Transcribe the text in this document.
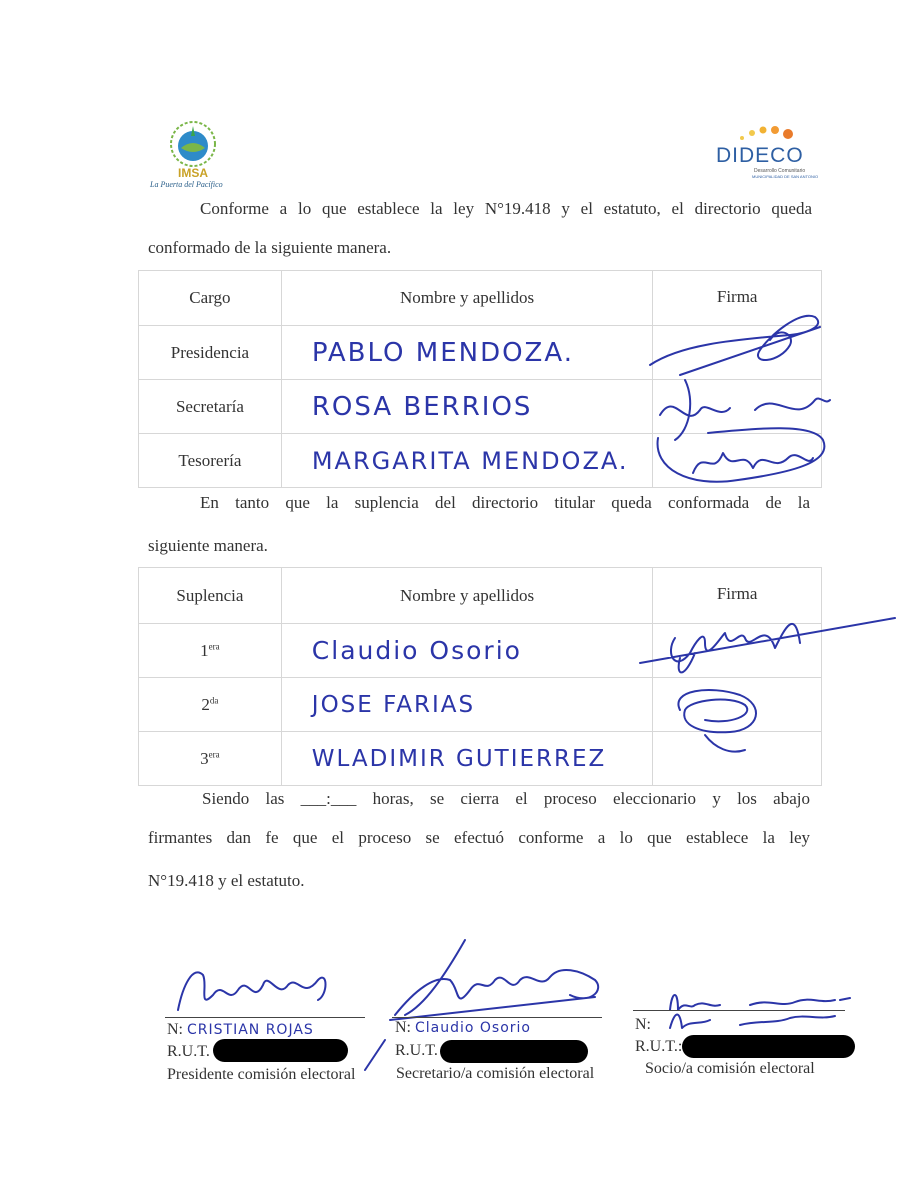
IMSA
La Puerta del Pacífico
DIDECO
Desarrollo Comunitario
MUNICIPALIDAD DE SAN ANTONIO
Conforme a lo que establece la ley N°19.418 y el estatuto, el directorio queda
conformado de la siguiente manera.
Cargo	Nombre y apellidos	Firma
Presidencia	PABLO MENDOZA.	
Secretaría	ROSA BERRIOS	
Tesorería	MARGARITA MENDOZA.	
En tanto que la suplencia del directorio titular queda conformada de la
siguiente manera.
Suplencia	Nombre y apellidos	Firma
$1^{era}$	Claudio Osorio	
$2^{da}$	JOSE FARIAS	
$3^{era}$	WLADIMIR GUTIERREZ	
Siendo las ___:___ horas, se cierra el proceso eleccionario y los abajo
firmantes dan fe que el proceso se efectuó conforme a lo que establece la ley
N°19.418 y el estatuto.
N: CRISTIAN ROJAS
R.U.T.
Presidente comisión electoral
N: Claudio Osorio
R.U.T.
Secretario/a comisión electoral
N:
R.U.T.:
Socio/a comisión electoral
